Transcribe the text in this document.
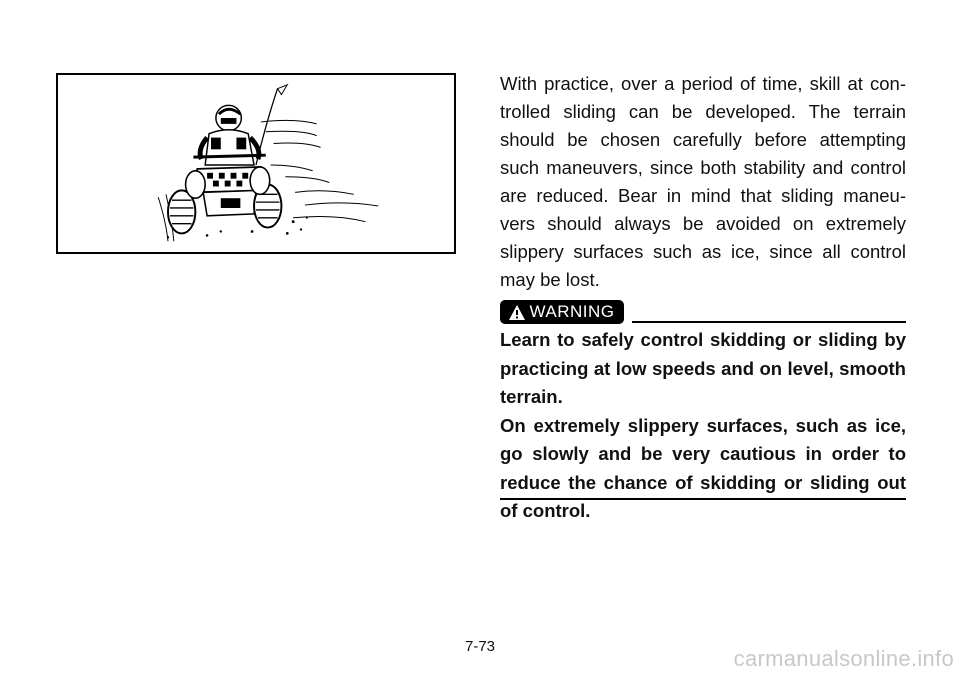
With practice, over a period of time, skill at con-trolled sliding can be developed. The terrain should be chosen carefully before attempting such maneuvers, since both stability and control are reduced. Bear in mind that sliding maneu-vers should always be avoided on extremely slippery surfaces such as ice, since all control may be lost.

WARNING

Learn to safely control skidding or sliding by practicing at low speeds and on level, smooth terrain.

On extremely slippery surfaces, such as ice, go slowly and be very cautious in order to reduce the chance of skidding or sliding out of control.

7-73	carmanualsonline.info
